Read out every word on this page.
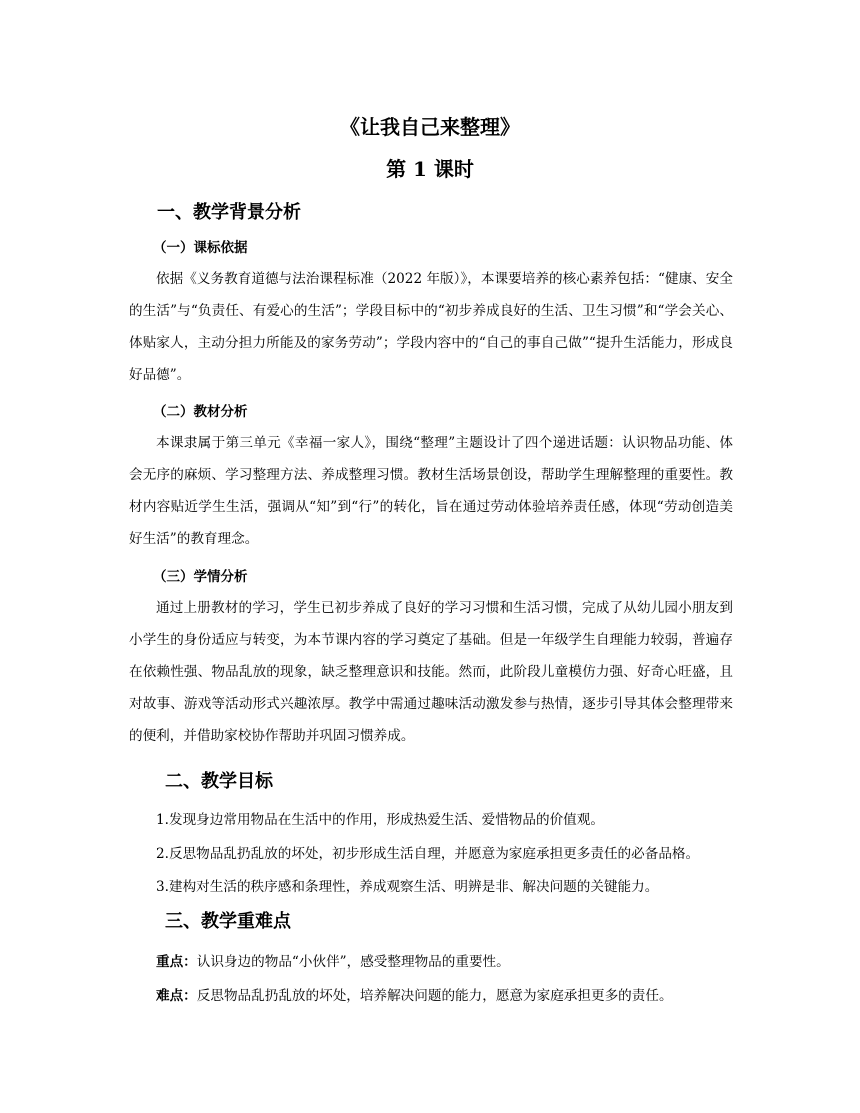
《让我自己来整理》
第 1 课时
一、教学背景分析
（一）课标依据
依据《义务教育道德与法治课程标准（2022 年版）》，本课要培养的核心素养包括：“健康、安全的生活”与“负责任、有爱心的生活”；学段目标中的“初步养成良好的生活、卫生习惯”和“学会关心、体贴家人，主动分担力所能及的家务劳动”；学段内容中的“自己的事自己做”“提升生活能力，形成良好品德”。
（二）教材分析
本课隶属于第三单元《幸福一家人》，围绕“整理”主题设计了四个递进话题：认识物品功能、体会无序的麻烦、学习整理方法、养成整理习惯。教材生活场景创设，帮助学生理解整理的重要性。教材内容贴近学生生活，强调从“知”到“行”的转化，旨在通过劳动体验培养责任感，体现“劳动创造美好生活”的教育理念。
（三）学情分析
通过上册教材的学习，学生已初步养成了良好的学习习惯和生活习惯，完成了从幼儿园小朋友到小学生的身份适应与转变，为本节课内容的学习奠定了基础。但是一年级学生自理能力较弱，普遍存在依赖性强、物品乱放的现象，缺乏整理意识和技能。然而，此阶段儿童模仿力强、好奇心旺盛，且对故事、游戏等活动形式兴趣浓厚。教学中需通过趣味活动激发参与热情，逐步引导其体会整理带来的便利，并借助家校协作帮助并巩固习惯养成。
二、教学目标
1.发现身边常用物品在生活中的作用，形成热爱生活、爱惜物品的价值观。
2.反思物品乱扔乱放的坏处，初步形成生活自理，并愿意为家庭承担更多责任的必备品格。
3.建构对生活的秩序感和条理性，养成观察生活、明辨是非、解决问题的关键能力。
三、教学重难点
重点：认识身边的物品“小伙伴”，感受整理物品的重要性。
难点：反思物品乱扔乱放的坏处，培养解决问题的能力，愿意为家庭承担更多的责任。
